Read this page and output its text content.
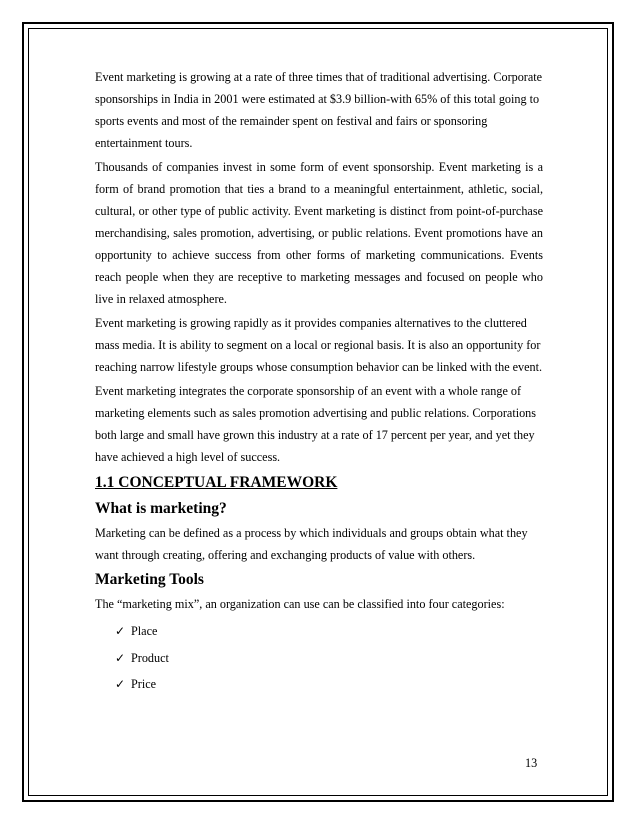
Event marketing is growing at a rate of three times that of traditional advertising. Corporate sponsorships in India in 2001 were estimated at $3.9 billion-with 65% of this total going to sports events and most of the remainder spent on festival and fairs or sponsoring entertainment tours.

Thousands of companies invest in some form of event sponsorship. Event marketing is a form of brand promotion that ties a brand to a meaningful entertainment, athletic, social, cultural, or other type of public activity. Event marketing is distinct from point-of-purchase merchandising, sales promotion, advertising, or public relations. Event promotions have an opportunity to achieve success from other forms of marketing communications. Events reach people when they are receptive to marketing messages and focused on people who live in relaxed atmosphere.

Event marketing is growing rapidly as it provides companies alternatives to the cluttered mass media. It is ability to segment on a local or regional basis. It is also an opportunity for reaching narrow lifestyle groups whose consumption behavior can be linked with the event.

Event marketing integrates the corporate sponsorship of an event with a whole range of marketing elements such as sales promotion advertising and public relations. Corporations both large and small have grown this industry at a rate of 17 percent per year, and yet they have achieved a high level of success.

1.1 CONCEPTUAL FRAMEWORK
What is marketing?

Marketing can be defined as a process by which individuals and groups obtain what they want through creating, offering and exchanging products of value with others.

Marketing Tools

The “marketing mix”, an organization can use can be classified into four categories:

✓ Place
✓ Product
✓ Price
13
